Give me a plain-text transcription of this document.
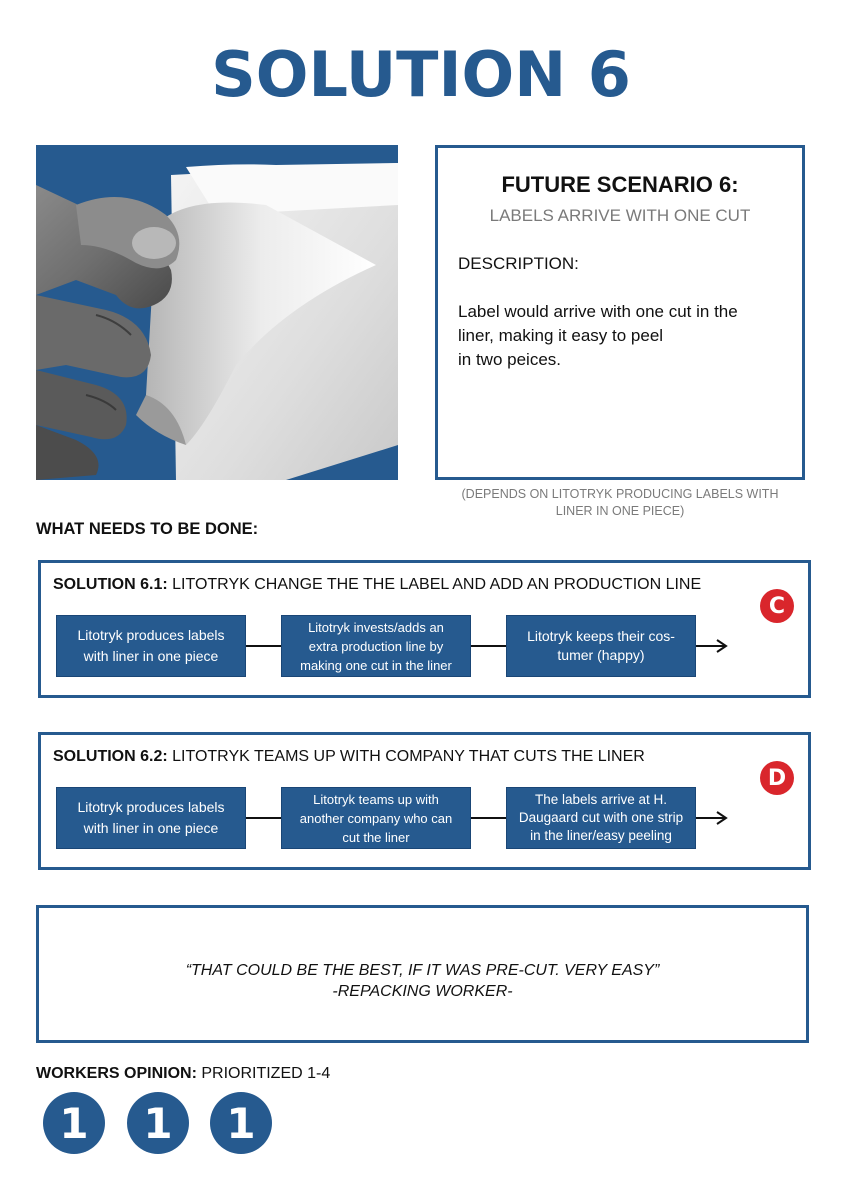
SOLUTION 6
FUTURE SCENARIO 6:
LABELS ARRIVE WITH ONE CUT
DESCRIPTION:
Label would arrive with one cut in the
liner, making it easy to peel
in two peices.
(DEPENDS ON LITOTRYK PRODUCING LABELS WITH
LINER IN ONE PIECE)
WHAT NEEDS TO BE DONE:
SOLUTION 6.1: LITOTRYK CHANGE THE THE LABEL AND ADD AN PRODUCTION LINE
C
Litotryk produces labels
with liner in one piece
Litotryk invests/adds an
extra production line by
making one cut in the liner
Litotryk keeps their cos-
tumer (happy)
SOLUTION 6.2: LITOTRYK TEAMS UP WITH COMPANY THAT CUTS THE LINER
D
Litotryk produces labels
with liner in one piece
Litotryk teams up with
another company who can
cut the liner
The labels arrive at H.
Daugaard cut with one strip
in the liner/easy peeling
“THAT COULD BE THE BEST, IF IT WAS PRE-CUT. VERY EASY”
-REPACKING WORKER-
WORKERS OPINION: PRIORITIZED 1-4
1	1	1
